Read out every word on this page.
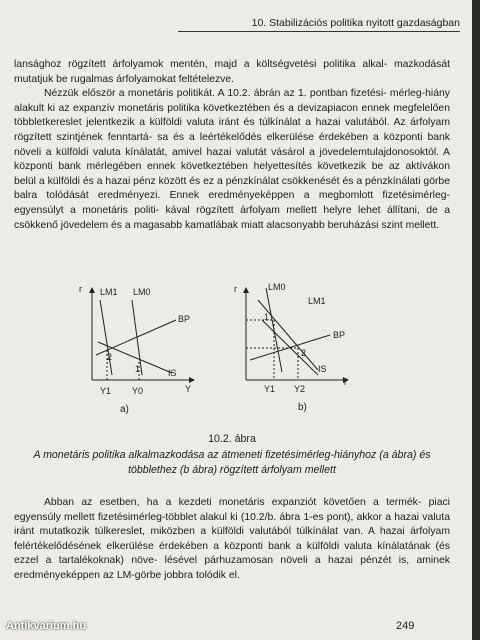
10. Stabilizációs politika nyitott gazdaságban

lansághoz rögzített árfolyamok mentén, majd a költségvetési politika alkal- mazkodását mutatjuk be rugalmas árfolyamokat feltételezve.

Nézzük először a monetáris politikát. A 10.2. ábrán az 1. pontban fizetési- mérleg-hiány alakult ki az expanzív monetáris politika következtében és a devizapiacon ennek megfelelően többletkereslet jelentkezik a külföldi valuta iránt és túlkínálat a hazai valutából. Az árfolyam rögzített szintjének fenntartá- sa és a leértékelődés elkerülése érdekében a központi bank növeli a külföldi valuta kínálatát, amivel hazai valutát vásárol a jövedelemtulajdonosoktól. A központi bank mérlegében ennek következtében helyettesítés következik be az aktívákon belül a külföldi és a hazai pénz között és ez a pénzkínálat csökkenését és a pénzkínálati görbe balra tolódását eredményezi. Ennek eredményeképpen a megbomlott fizetésimérleg-egyensúlyt a monetáris politi- kával rögzített árfolyam mellett helyre lehet állítani, de a csökkenő jövedelem és a magasabb kamatlábak miatt alacsonyabb beruházási szint mellett.

r
Y
LM1 LM0
BP
IS
2
1
Y1 Y0
a)
r
Y
LM0
LM1
BP
IS
1
2
Y1 Y2
b)
10.2. ábra
A monetáris politika alkalmazkodása az átmeneti fizetésimérleg-hiányhoz (a ábra) és többlethez (b ábra) rögzített árfolyam mellett
Abban az esetben, ha a kezdeti monetáris expanziót követően a termék- piaci egyensúly mellett fizetésimérleg-többlet alakul ki (10.2/b. ábra 1-es pont), akkor a hazai valuta iránt mutatkozik túlkereslet, miközben a külföldi valutából túlkínálat van. A hazai árfolyam felértékelődésének elkerülése érdekében a központi bank a külföldi valuta kínálatának (és ezzel a tartalékoknak) növe- lésével párhuzamosan növeli a hazai pénzét is, aminek eredményeképpen az LM-görbe jobbra tolódik el.
249
Antikvarium.hu
